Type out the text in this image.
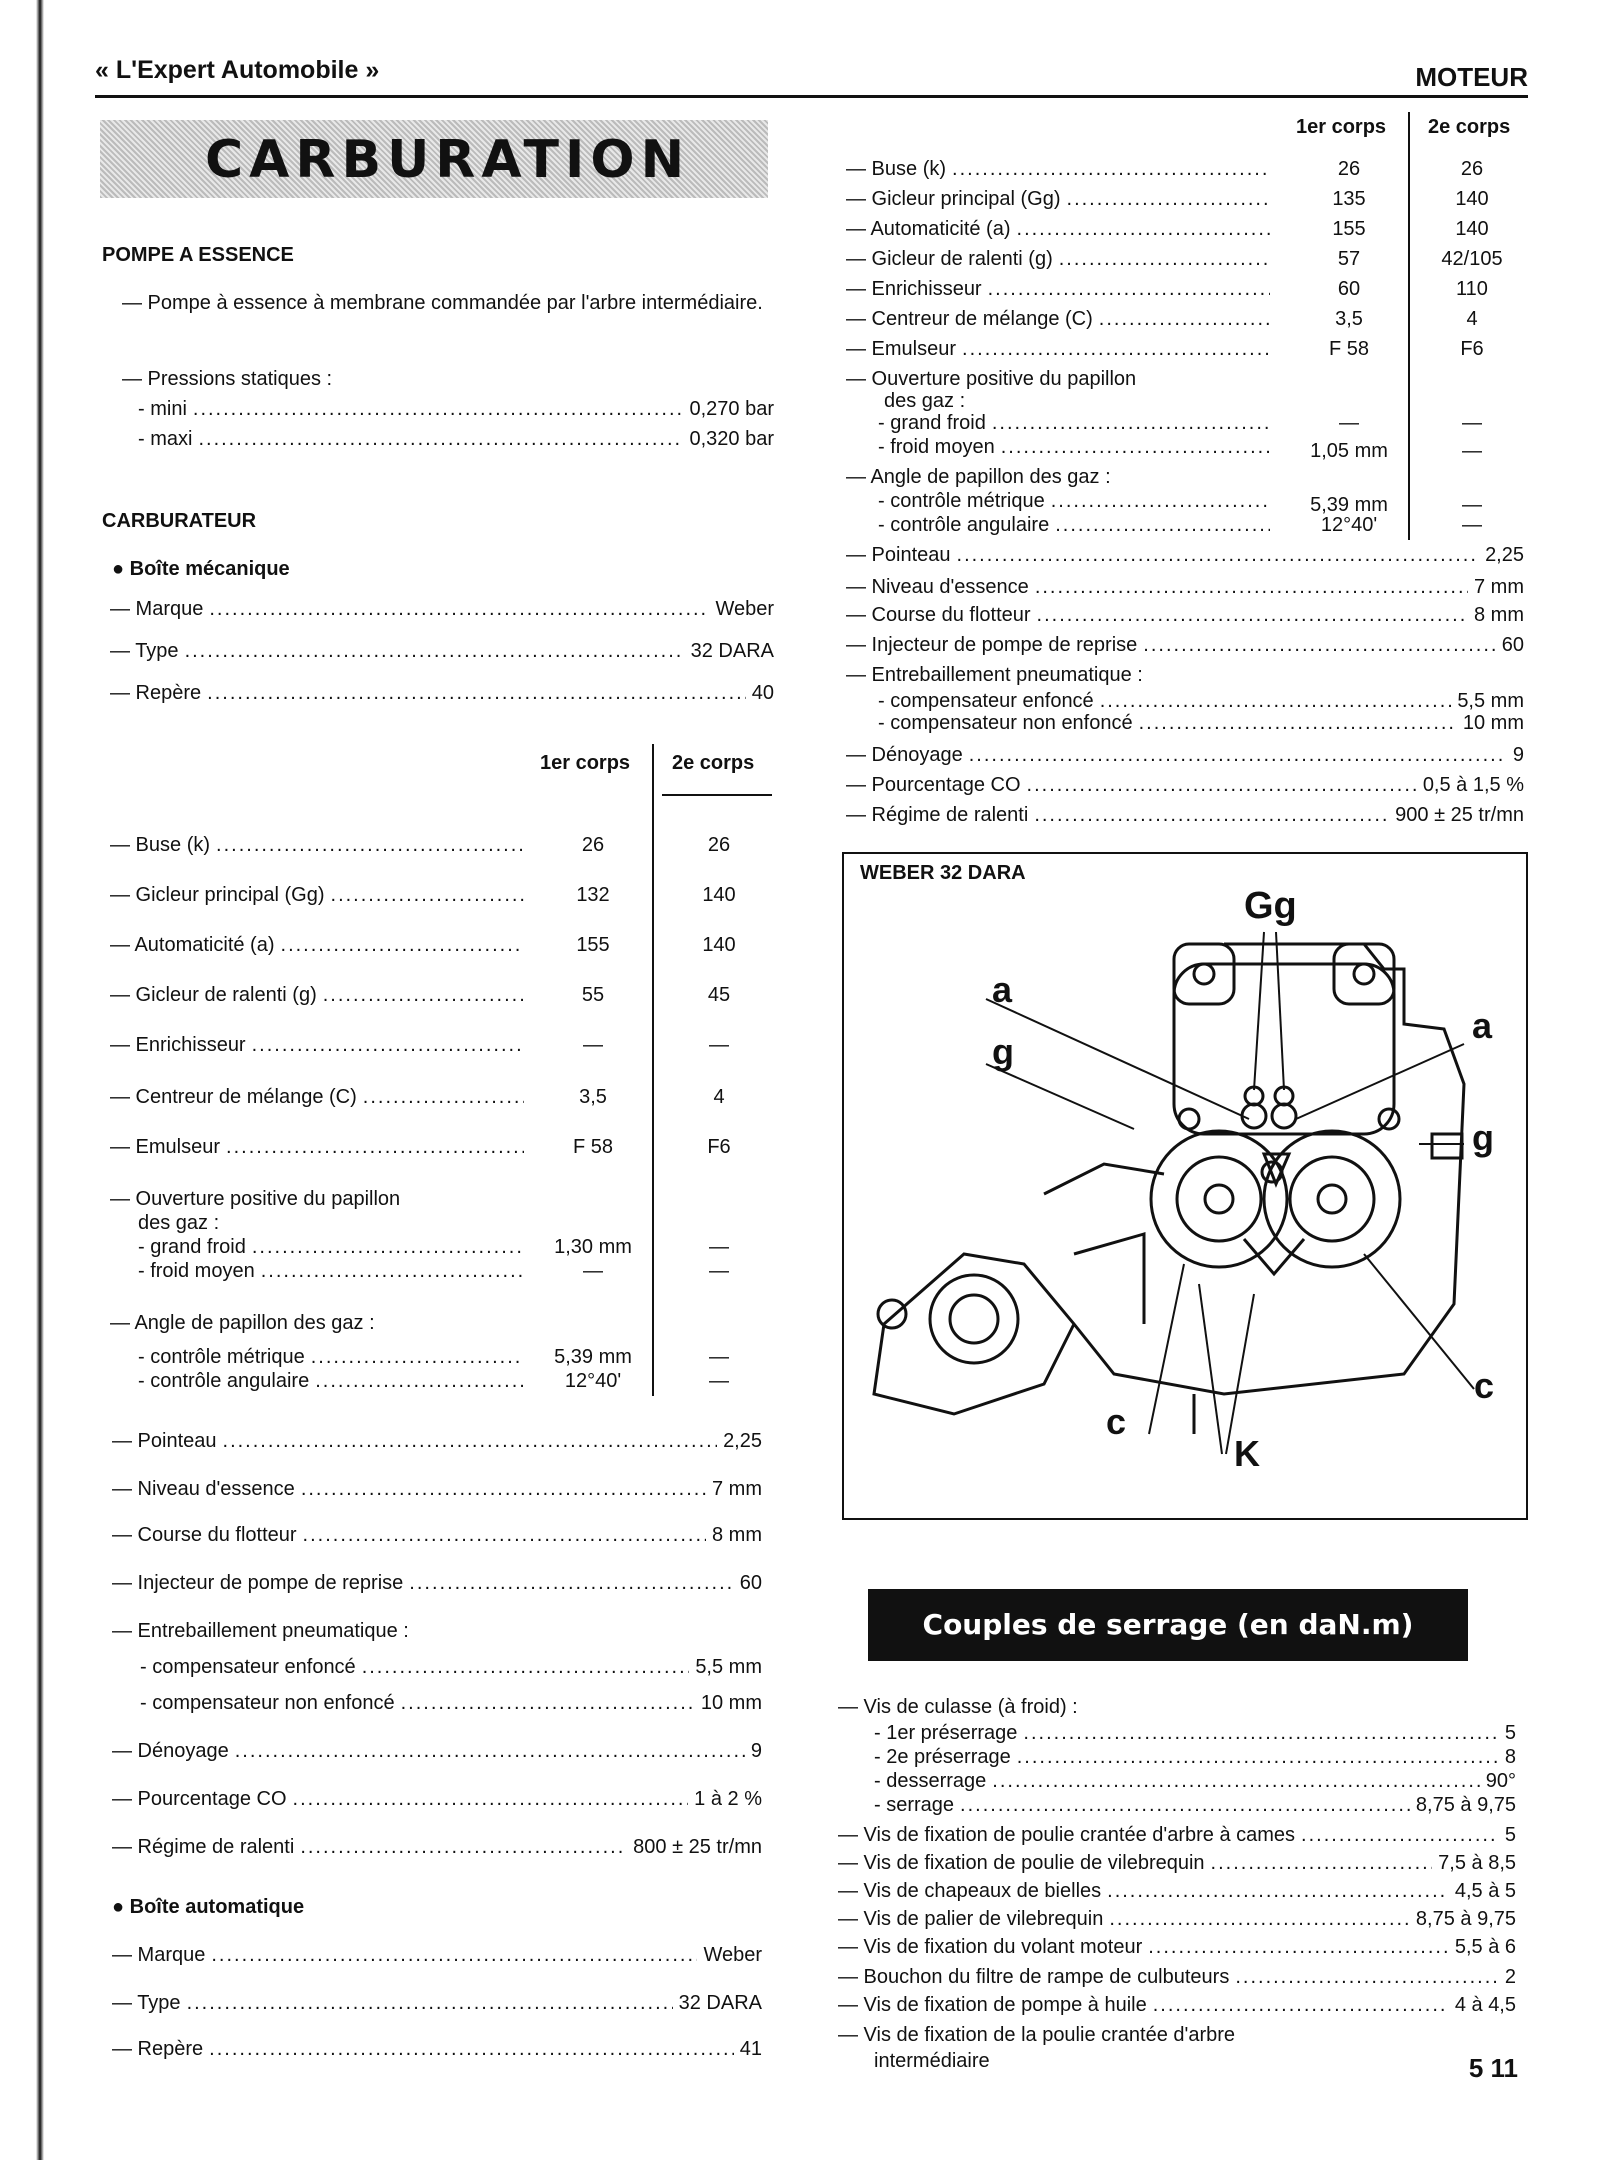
« L'Expert Automobile »	MOTEUR
CARBURATION
POMPE A ESSENCE
— Pompe à essence à membrane commandée par l'arbre intermédiaire.
— Pressions statiques :
- mini .....	0,270 bar
- maxi .....	0,320 bar
CARBURATEUR
● Boîte mécanique
— Marque .....	Weber
— Type .....	32 DARA
— Repère .....	40
1er corps 2e corps
— Buse (k) .....	26	26
— Gicleur principal (Gg) .....	132	140
— Automaticité (a) .....	155	140
— Gicleur de ralenti (g) .....	55	45
— Enrichisseur .....	—	—
— Centreur de mélange (C) .....	3,5	4
— Emulseur .....	F 58	F6
— Ouverture positive du papillon
des gaz :
- grand froid .....	1,30 mm	—
- froid moyen .....	—	—
— Angle de papillon des gaz :
- contrôle métrique .....	5,39 mm	—
- contrôle angulaire .....	12°40'	—
— Pointeau .....	2,25
— Niveau d'essence .....	7 mm
— Course du flotteur .....	8 mm
— Injecteur de pompe de reprise .....	60
— Entrebaillement pneumatique :
- compensateur enfoncé .....	5,5 mm
- compensateur non enfoncé .....	10 mm
— Dénoyage .....	9
— Pourcentage CO .....	1 à 2 %
— Régime de ralenti .....	800 ± 25 tr/mn
● Boîte automatique
— Marque .....	Weber
— Type .....	32 DARA
— Repère .....	41
1er corps 2e corps
— Buse (k) .....	26	26
— Gicleur principal (Gg) .....	135	140
— Automaticité (a) .....	155	140
— Gicleur de ralenti (g) .....	57	42/105
— Enrichisseur .....	60	110
— Centreur de mélange (C) .....	3,5	4
— Emulseur .....	F 58	F6
— Ouverture positive du papillon
des gaz :
- grand froid .....	—	—
- froid moyen .....	1,05 mm	—
— Angle de papillon des gaz :
- contrôle métrique .....	5,39 mm	—
- contrôle angulaire .....	12°40'	—
— Pointeau .....	2,25
— Niveau d'essence .....	7 mm
— Course du flotteur .....	8 mm
— Injecteur de pompe de reprise .....	60
— Entrebaillement pneumatique :
- compensateur enfoncé .....	5,5 mm
- compensateur non enfoncé .....	10 mm
— Dénoyage .....	9
— Pourcentage CO .....	0,5 à 1,5 %
— Régime de ralenti .....	900 ± 25 tr/mn
WEBER 32 DARA
Gg
a
g
a
g
c
c
K
Couples de serrage (en daN.m)
— Vis de culasse (à froid) :
- 1er préserrage .....	5
- 2e préserrage .....	8
- desserrage .....	90°
- serrage .....	8,75 à 9,75
— Vis de fixation de poulie crantée d'arbre à cames .....	5
— Vis de fixation de poulie de vilebrequin .....	7,5 à 8,5
— Vis de chapeaux de bielles .....	4,5 à 5
— Vis de palier de vilebrequin .....	8,75 à 9,75
— Vis de fixation du volant moteur .....	5,5 à 6
— Bouchon du filtre de rampe de culbuteurs .....	2
— Vis de fixation de pompe à huile .....	4 à 4,5
— Vis de fixation de la poulie crantée d'arbre
intermédiaire	5 11
